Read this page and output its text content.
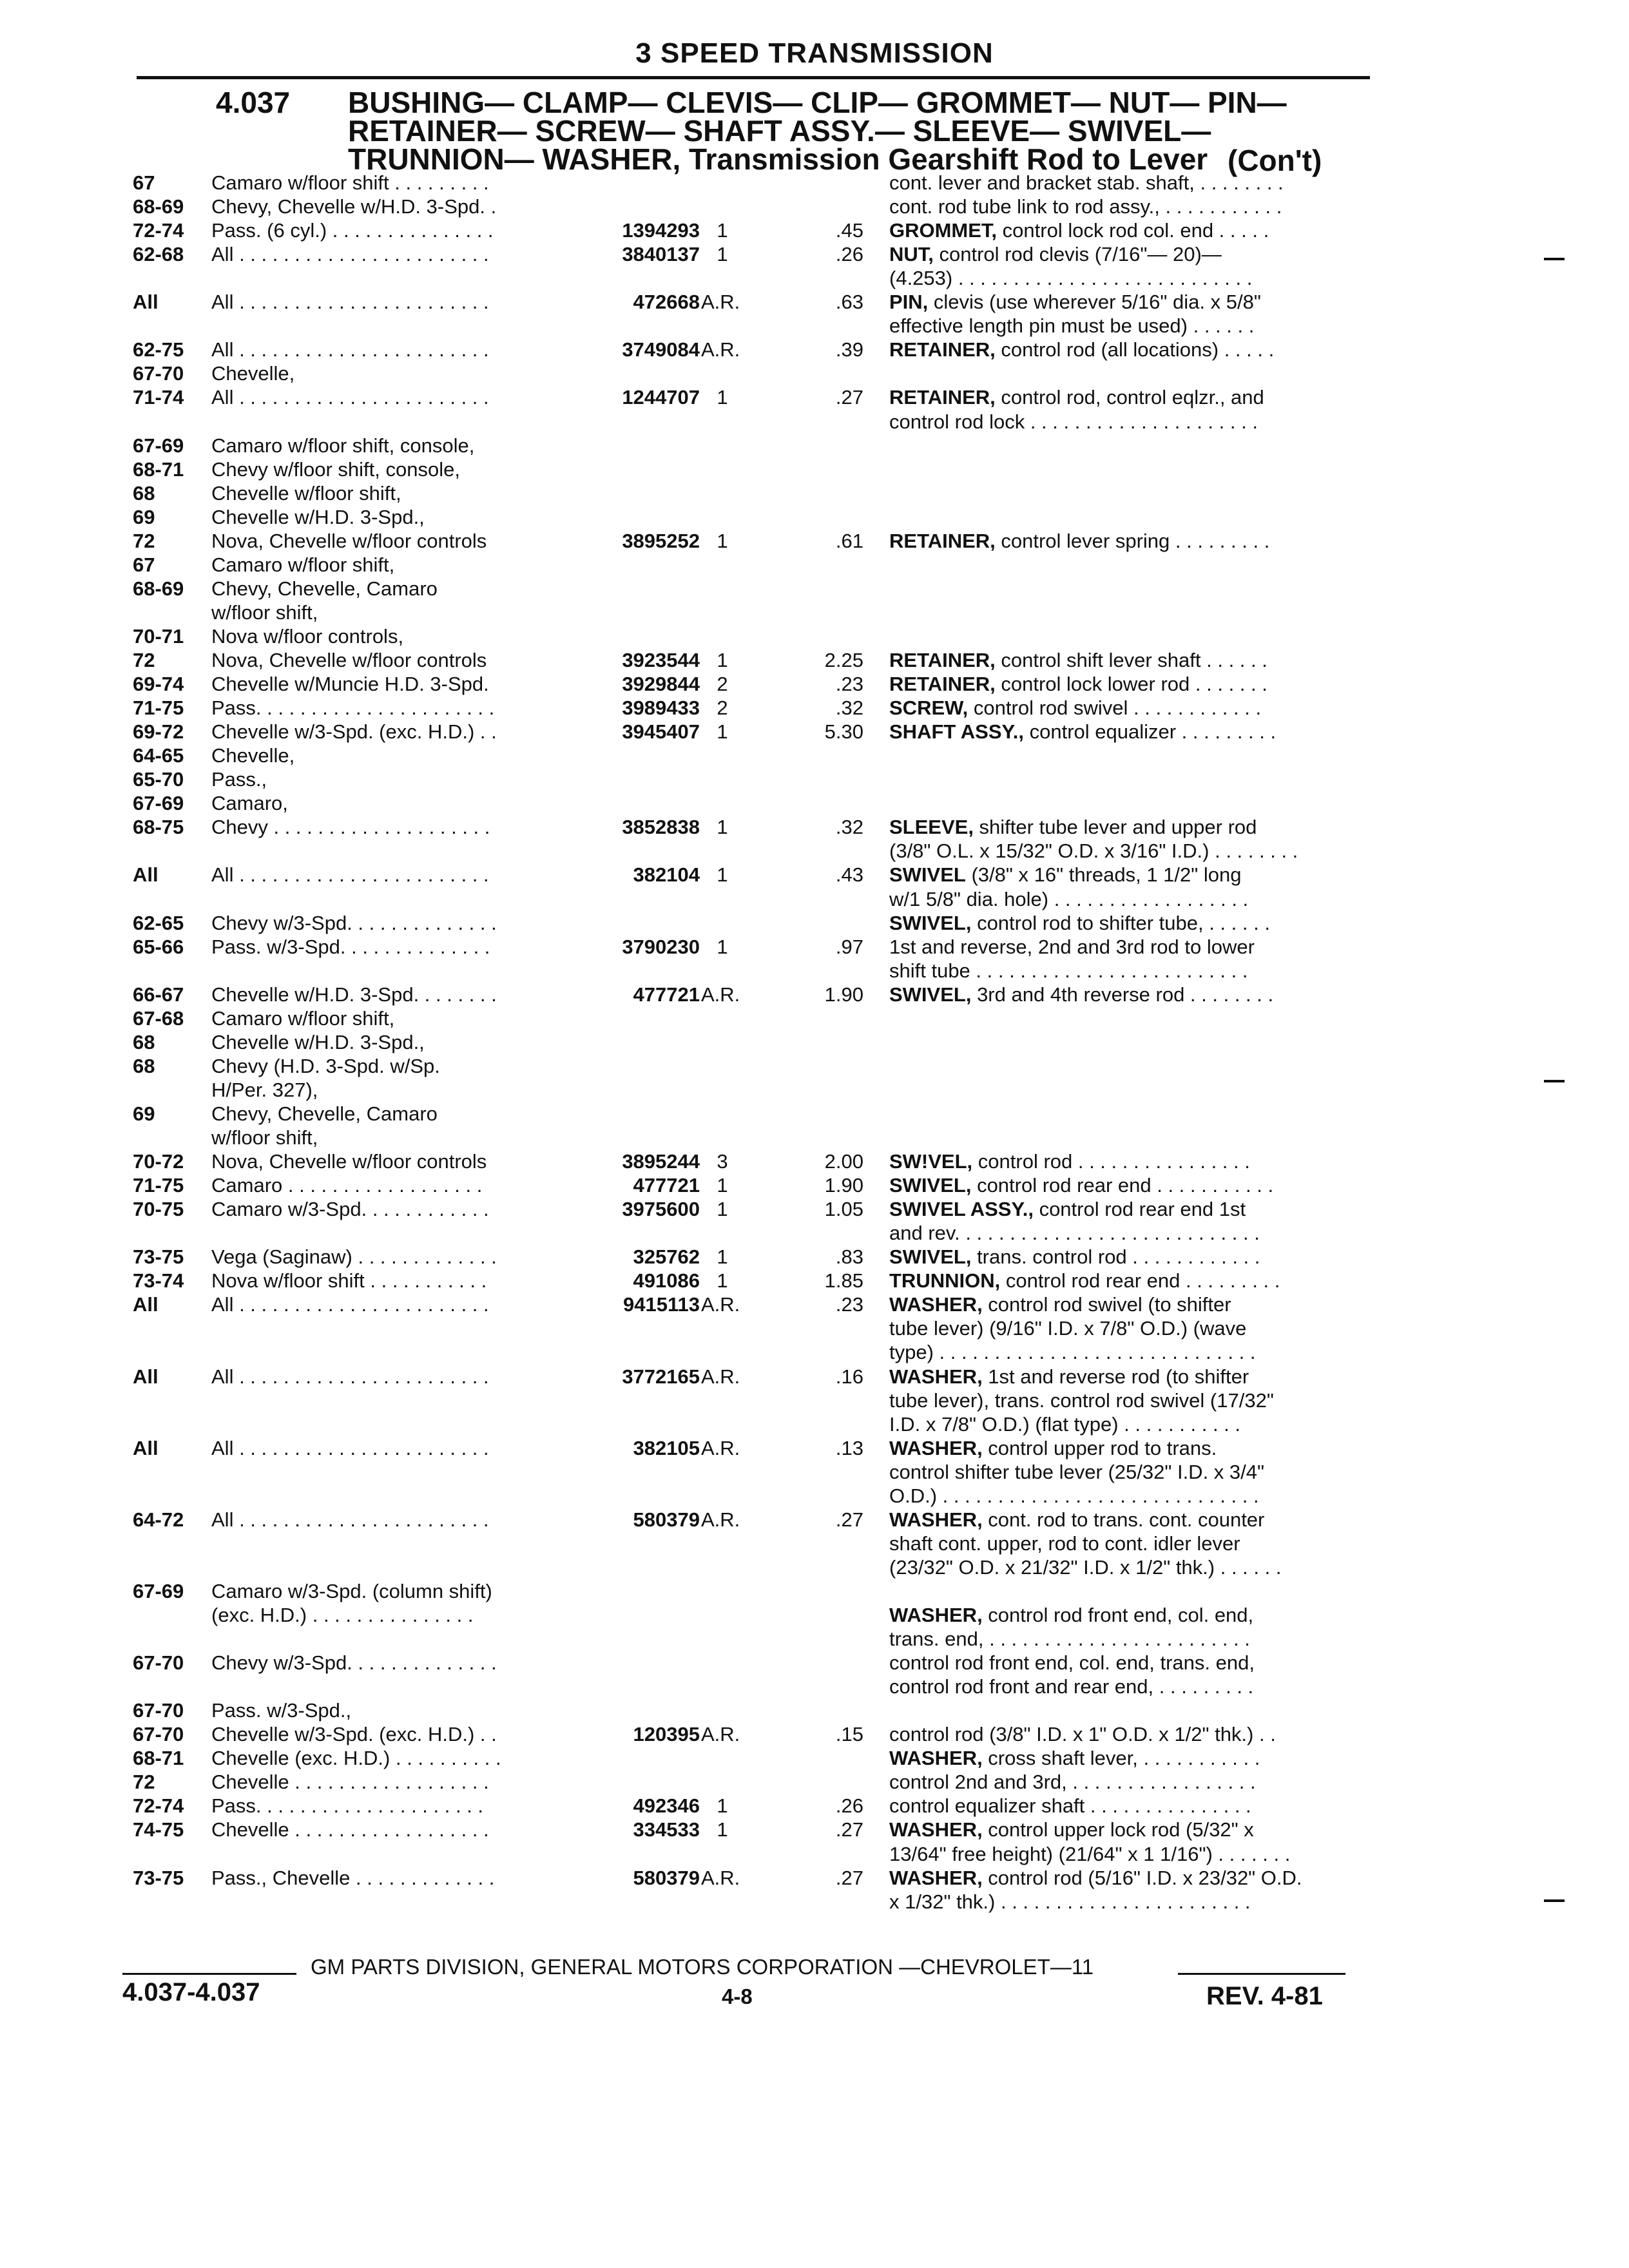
3 SPEED TRANSMISSION
4.037 BUSHING— CLAMP— CLEVIS— CLIP— GROMMET— NUT— PIN—
RETAINER— SCREW— SHAFT ASSY.— SLEEVE— SWIVEL—
TRUNNION— WASHER, Transmission Gearshift Rod to Lever (Con't)
67	Camaro w/floor shift . . . . . . . . .	cont. lever and bracket stab. shaft, . . . . . . . .
68-69 Chevy, Chevelle w/H.D. 3-Spd. .	cont. rod tube link to rod assy., . . . . . . . . . . .
72-74 Pass. (6 cyl.) . . . . . . . . . . . . . . .	1394293 1	.45 GROMMET, control lock rod col. end . . . . .
62-68 All . . . . . . . . . . . . . . . . . . . . . . .	3840137 1	.26 NUT, control rod clevis (7/16"— 20)—
(4.253) . . . . . . . . . . . . . . . . . . . . . . . . . . .
All	All . . . . . . . . . . . . . . . . . . . . . . .	472668 A.R.	.63 PIN, clevis (use wherever 5/16" dia. x 5/8"
effective length pin must be used) . . . . . .
62-75 All . . . . . . . . . . . . . . . . . . . . . . .	3749084 A.R.	.39 RETAINER, control rod (all locations) . . . . .
67-70 Chevelle,
71-74 All . . . . . . . . . . . . . . . . . . . . . . .	1244707 1	.27 RETAINER, control rod, control eqlzr., and
control rod lock . . . . . . . . . . . . . . . . . . . . .
67-69 Camaro w/floor shift, console,
68-71 Chevy w/floor shift, console,
68	Chevelle w/floor shift,
69	Chevelle w/H.D. 3-Spd.,
72	Nova, Chevelle w/floor controls	3895252 1	.61 RETAINER, control lever spring . . . . . . . . .
67	Camaro w/floor shift,
68-69 Chevy, Chevelle, Camaro
w/floor shift,
70-71 Nova w/floor controls,
72	Nova, Chevelle w/floor controls	3923544 1	2.25 RETAINER, control shift lever shaft . . . . . .
69-74 Chevelle w/Muncie H.D. 3-Spd.	3929844 2	.23 RETAINER, control lock lower rod . . . . . . .
71-75 Pass. . . . . . . . . . . . . . . . . . . . . .	3989433 2	.32 SCREW, control rod swivel . . . . . . . . . . . .
69-72 Chevelle w/3-Spd. (exc. H.D.) . .	3945407 1	5.30 SHAFT ASSY., control equalizer . . . . . . . . .
64-65 Chevelle,
65-70 Pass.,
67-69 Camaro,
68-75 Chevy . . . . . . . . . . . . . . . . . . . .	3852838 1	.32 SLEEVE, shifter tube lever and upper rod
(3/8" O.L. x 15/32" O.D. x 3/16" I.D.) . . . . . . . .
All	All . . . . . . . . . . . . . . . . . . . . . . .	382104 1	.43 SWIVEL (3/8" x 16" threads, 1 1/2" long
w/1 5/8" dia. hole) . . . . . . . . . . . . . . . . . .
62-65 Chevy w/3-Spd. . . . . . . . . . . . . .	SWIVEL, control rod to shifter tube, . . . . . .
65-66 Pass. w/3-Spd. . . . . . . . . . . . . .	3790230 1	.97 1st and reverse, 2nd and 3rd rod to lower
shift tube . . . . . . . . . . . . . . . . . . . . . . . . .
66-67 Chevelle w/H.D. 3-Spd. . . . . . . .	477721 A.R.	1.90 SWIVEL, 3rd and 4th reverse rod . . . . . . . .
67-68 Camaro w/floor shift,
68	Chevelle w/H.D. 3-Spd.,
68	Chevy (H.D. 3-Spd. w/Sp.
H/Per. 327),
69	Chevy, Chevelle, Camaro
w/floor shift,
70-72 Nova, Chevelle w/floor controls	3895244 3	2.00 SW!VEL, control rod . . . . . . . . . . . . . . . .
71-75 Camaro . . . . . . . . . . . . . . . . . .	477721 1	1.90 SWIVEL, control rod rear end . . . . . . . . . . .
70-75 Camaro w/3-Spd. . . . . . . . . . . .	3975600 1	1.05 SWIVEL ASSY., control rod rear end 1st
and rev. . . . . . . . . . . . . . . . . . . . . . . . . . . .
73-75 Vega (Saginaw) . . . . . . . . . . . . .	325762 1	.83 SWIVEL, trans. control rod . . . . . . . . . . . .
73-74 Nova w/floor shift . . . . . . . . . . .	491086 1	1.85 TRUNNION, control rod rear end . . . . . . . . .
All	All . . . . . . . . . . . . . . . . . . . . . . .	9415113 A.R.	.23 WASHER, control rod swivel (to shifter
tube lever) (9/16" I.D. x 7/8" O.D.) (wave
type) . . . . . . . . . . . . . . . . . . . . . . . . . . . . .
All	All . . . . . . . . . . . . . . . . . . . . . . .	3772165 A.R.	.16 WASHER, 1st and reverse rod (to shifter
tube lever), trans. control rod swivel (17/32"
I.D. x 7/8" O.D.) (flat type) . . . . . . . . . . .
All	All . . . . . . . . . . . . . . . . . . . . . . .	382105 A.R.	.13 WASHER, control upper rod to trans.
control shifter tube lever (25/32" I.D. x 3/4"
O.D.) . . . . . . . . . . . . . . . . . . . . . . . . . . . . .
64-72 All . . . . . . . . . . . . . . . . . . . . . . .	580379 A.R.	.27 WASHER, cont. rod to trans. cont. counter
shaft cont. upper, rod to cont. idler lever
(23/32" O.D. x 21/32" I.D. x 1/2" thk.) . . . . . .
67-69 Camaro w/3-Spd. (column shift)
(exc. H.D.) . . . . . . . . . . . . . . .	WASHER, control rod front end, col. end,
trans. end, . . . . . . . . . . . . . . . . . . . . . . . .
67-70 Chevy w/3-Spd. . . . . . . . . . . . . .	control rod front end, col. end, trans. end,
control rod front and rear end, . . . . . . . . .
67-70 Pass. w/3-Spd.,
67-70 Chevelle w/3-Spd. (exc. H.D.) . .	120395 A.R.	.15 control rod (3/8" I.D. x 1" O.D. x 1/2" thk.) . .
68-71 Chevelle (exc. H.D.) . . . . . . . . . .	WASHER, cross shaft lever, . . . . . . . . . . .
72	Chevelle . . . . . . . . . . . . . . . . . .	control 2nd and 3rd, . . . . . . . . . . . . . . . . .
72-74 Pass. . . . . . . . . . . . . . . . . . . . .	492346 1	.26 control equalizer shaft . . . . . . . . . . . . . . .
74-75 Chevelle . . . . . . . . . . . . . . . . . .	334533 1	.27 WASHER, control upper lock rod (5/32" x
13/64" free height) (21/64" x 1 1/16") . . . . . . .
73-75 Pass., Chevelle . . . . . . . . . . . . .	580379 A.R.	.27 WASHER, control rod (5/16" I.D. x 23/32" O.D.
x 1/32" thk.) . . . . . . . . . . . . . . . . . . . . . . .
GM PARTS DIVISION, GENERAL MOTORS CORPORATION —CHEVROLET—11
4.037-4.037	4-8	REV. 4-81
